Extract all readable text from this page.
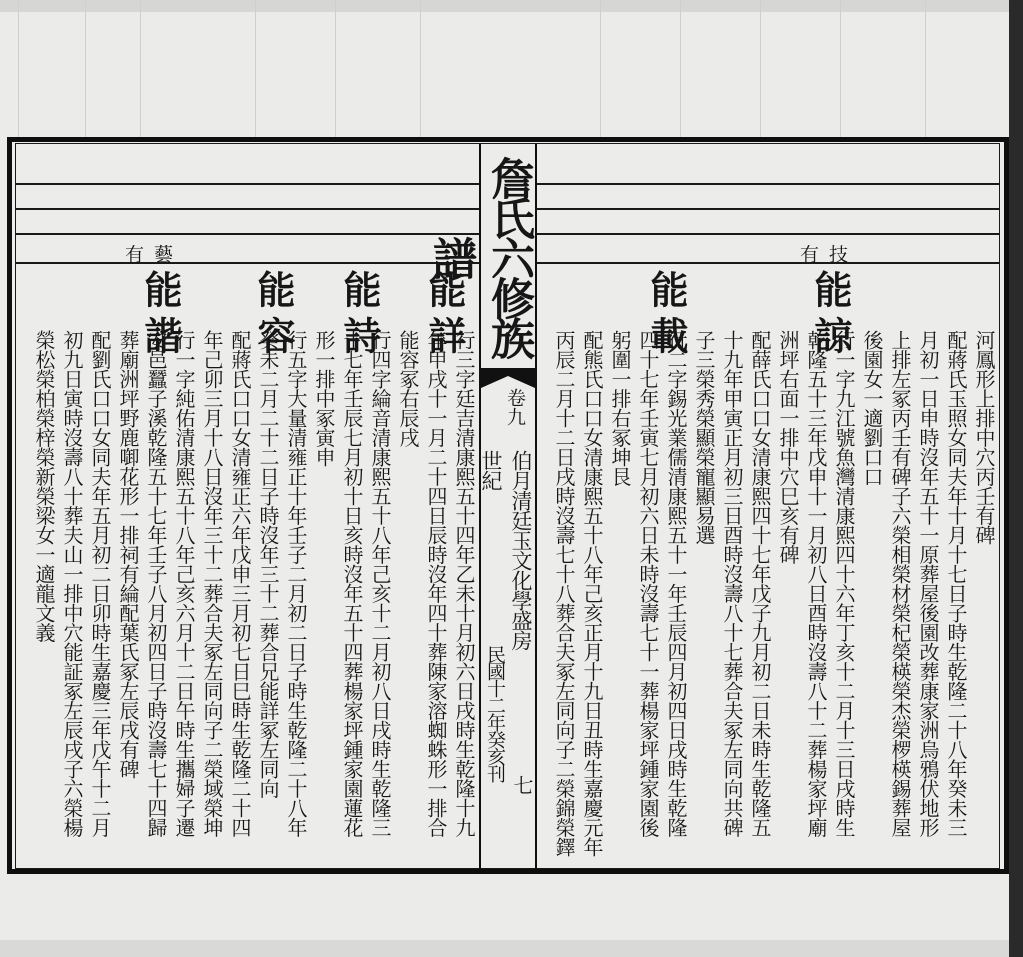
詹氏六修族譜
卷九
伯月清廷玉文化學盛房世紀
民國十二年癸亥刊
七
有技
有藝
能諒
能載
能詳
能詩
能容
能諧
河鳳形上排中穴丙壬有碑
配蔣氏玉照女同夫年十月十七日子時生乾隆二十八年癸未三
月初一日申時沒年五十一原葬屋後園改葬康家洲烏鴉伏地形
上排左冢丙壬有碑子六榮相榮材榮杞榮楧榮杰榮椤楧錫葬屋
後園女一適劉口口
行一字九江號魚灣清康熙四十六年丁亥十二月十三日戌時生
乾隆五十三年戊申十一月初八日酉時沒壽八十二葬楊家坪廟
洲坪右面一排中穴巳亥有碑
配薛氏口口女清康熙四十七年戊子九月初二日未時生乾隆五
十九年甲寅正月初三日酉時沒壽八十七葬合夫冢左同向共碑
子三榮秀榮顯榮寵顯易選
行二字錫光業儒清康熙五十一年壬辰四月初四日戌時生乾隆
四十七年壬寅七月初六日未時沒壽七十一葬楊家坪鍾家園後
躬圍一排右冢坤艮
配熊氏口口女清康熙五十八年己亥正月十九日丑時生嘉慶元年
丙辰二月十二日戌時沒壽七十八葬合夫冢左同向子二榮錦榮鐸
行三字廷吉清康熙五十四年乙未十月初六日戌時生乾隆十九
年甲戌十一月二十四日辰時沒年四十葬陳家溶蜘蛛形一排合
能容冢右辰戌
行四字綸音清康熙五十八年己亥十二月初八日戌時生乾隆三
十七年壬辰七月初十日亥時沒年五十四葬楊家坪鍾家園蓮花
形一排中冢寅申
行五字大量清雍正十年壬子二月初二日子時生乾隆二十八年
癸未二月二十二日子時沒年三十二葬合兄能詳冢左同向
配蔣氏口口女清雍正六年戊申三月初七日巳時生乾隆二十四
年己卯三月十八日沒年三十二葬合夫冢左同向子二榮域榮坤
行一字純佑清康熙五十八年己亥六月十二日午時生攜婦子遷
安邑蠶子溪乾隆五十七年壬子八月初四日子時沒壽七十四歸
葬廟洲坪野鹿啣花形一排祠有綸配葉氏冢左辰戌有碑
配劉氏口口女同夫年五月初二日卯時生嘉慶三年戊午十二月
初九日寅時沒壽八十葬夫山一排中穴能証冢左辰戌子六榮楊
榮松榮柏榮梓榮新榮梁女一適龍文義
